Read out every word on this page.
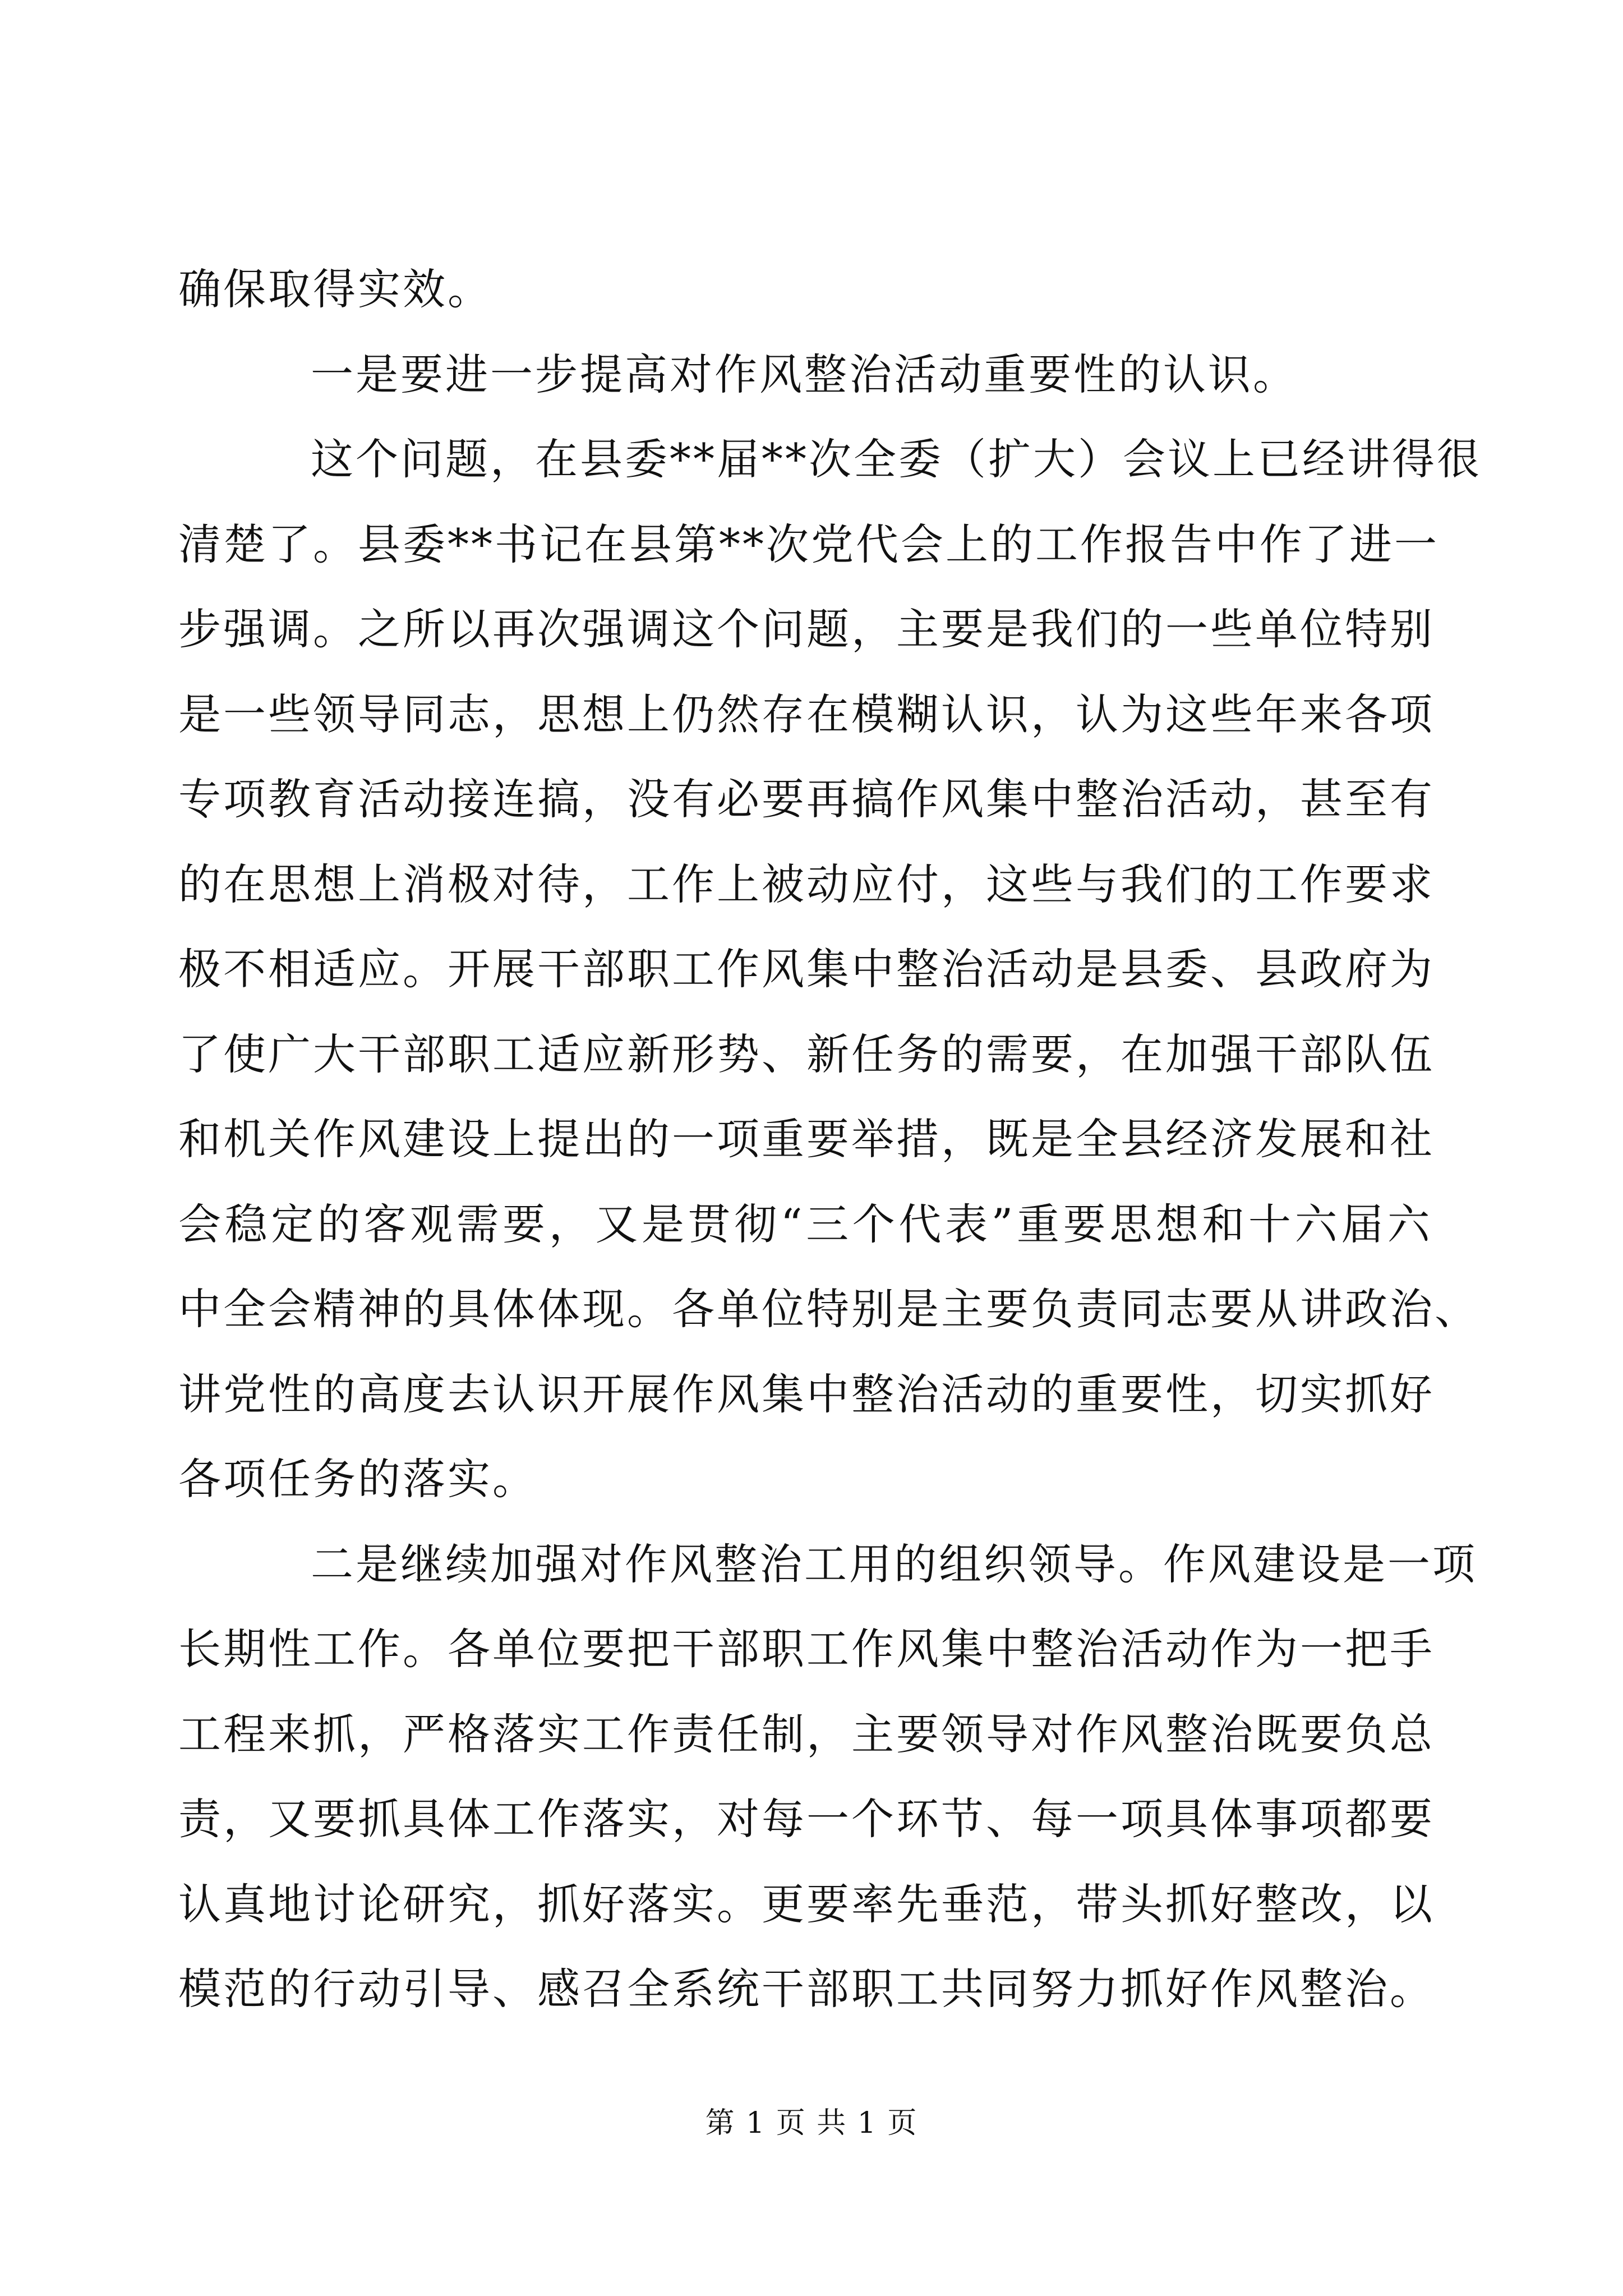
确保取得实效。
一是要进一步提高对作风整治活动重要性的认识。
这 个 问 题 ， 在 县 委 * * 届 * * 次 全 委 （ 扩 大 ） 会 议 上 已 经 讲 得 很
清 楚 了 。 县 委 * * 书 记 在 县 第 * * 次 党 代 会 上 的 工 作 报 告 中 作 了 进 一
步 强 调 。 之 所 以 再 次 强 调 这 个 问 题 ， 主 要 是 我 们 的 一 些 单 位 特 别
是 一 些 领 导 同 志 ， 思 想 上 仍 然 存 在 模 糊 认 识 ， 认 为 这 些 年 来 各 项
专 项 教 育 活 动 接 连 搞 ， 没 有 必 要 再 搞 作 风 集 中 整 治 活 动 ， 甚 至 有
的 在 思 想 上 消 极 对 待 ， 工 作 上 被 动 应 付 ， 这 些 与 我 们 的 工 作 要 求
极 不 相 适 应 。 开 展 干 部 职 工 作 风 集 中 整 治 活 动 是 县 委 、 县 政 府 为
了 使 广 大 干 部 职 工 适 应 新 形 势 、 新 任 务 的 需 要 ， 在 加 强 干 部 队 伍
和 机 关 作 风 建 设 上 提 出 的 一 项 重 要 举 措 ， 既 是 全 县 经 济 发 展 和 社
会 稳 定 的 客 观 需 要 ， 又 是 贯 彻 “ 三 个 代 表 ” 重 要 思 想 和 十 六 届 六
中 全 会 精 神 的 具 体 体 现 。 各 单 位 特 别 是 主 要 负 责 同 志 要 从 讲 政 治 、
讲 党 性 的 高 度 去 认 识 开 展 作 风 集 中 整 治 活 动 的 重 要 性 ， 切 实 抓 好
各项任务的落实。
二 是 继 续 加 强 对 作 风 整 治 工 用 的 组 织 领 导 。 作 风 建 设 是 一 项
长 期 性 工 作 。 各 单 位 要 把 干 部 职 工 作 风 集 中 整 治 活 动 作 为 一 把 手
工 程 来 抓 ， 严 格 落 实 工 作 责 任 制 ， 主 要 领 导 对 作 风 整 治 既 要 负 总
责 ， 又 要 抓 具 体 工 作 落 实 ， 对 每 一 个 环 节 、 每 一 项 具 体 事 项 都 要
认 真 地 讨 论 研 究 ， 抓 好 落 实 。 更 要 率 先 垂 范 ， 带 头 抓 好 整 改 ， 以
模范的行动引导、感召全系统干部职工共同努力抓好作风整治。
第 1 页 共 1 页
